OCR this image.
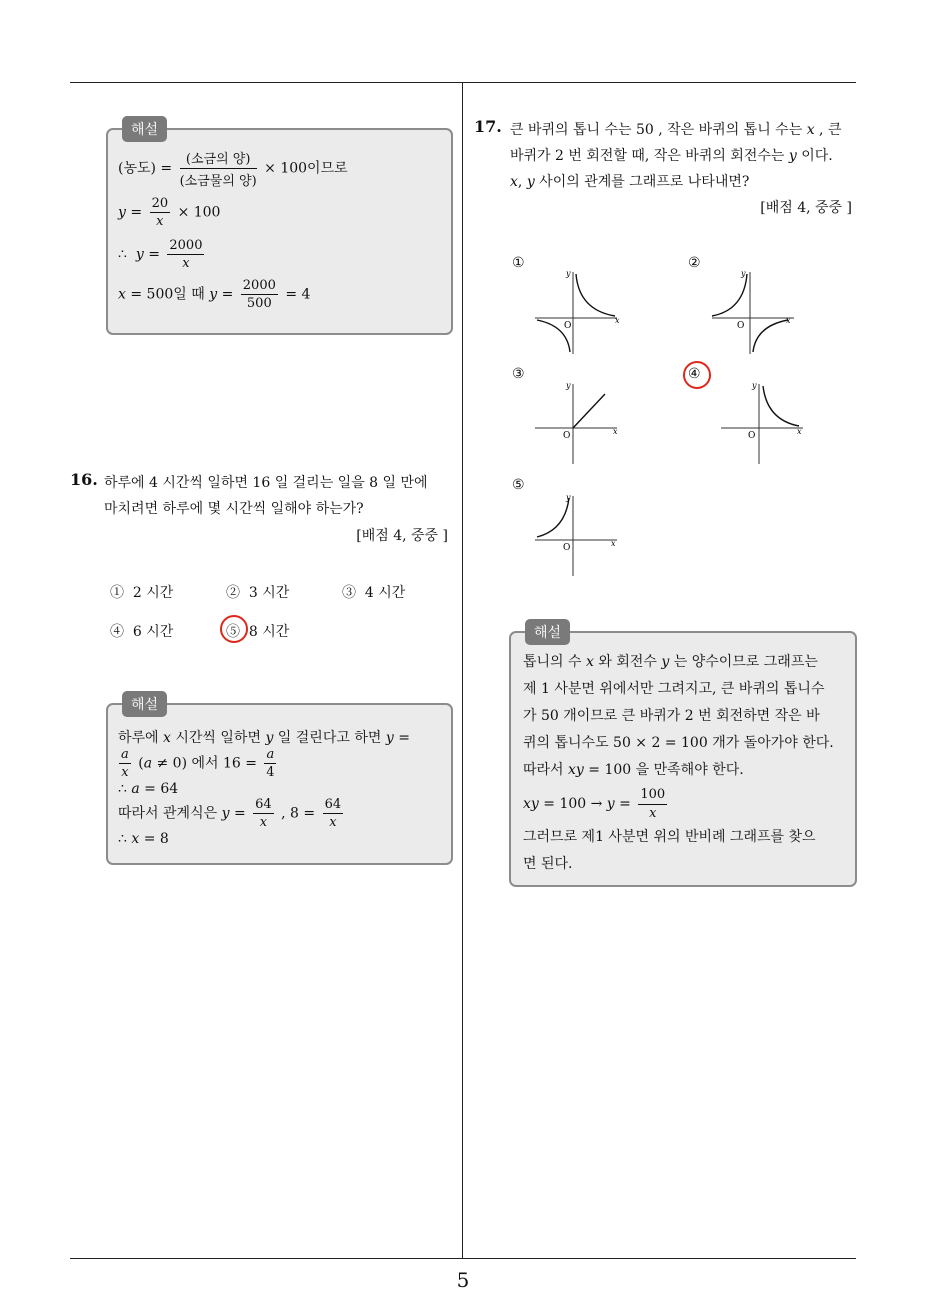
해설
(농도) = $\frac{\text{(소금의 양)}}{\text{(소금물의 양)}} \times 100$이므로
$y = \frac{20}{x} \times 100$
∴ $y = \frac{2000}{x}$
x = 500일 때 $y = \frac{2000}{500} = 4$
16. 하루에 4 시간씩 일하면 16 일 걸리는 일을 8 일 만에
마치려면 하루에 몇 시간씩 일해야 하는가?
[배점 4, 중중 ]
① 2 시간	② 3 시간	③ 4 시간
④ 6 시간	⑤ 8 시간
해설
하루에 x 시간씩 일하면 y 일 걸린다고 하면 y =
$\frac{a}{x} (a \ne 0)$ 에서 $16 = \frac{a}{4}$
∴ a = 64
따라서 관계식은 $y = \frac{64}{x}$ , $8 = \frac{64}{x}$
∴ x = 8
17. 큰 바퀴의 톱니 수는 50 , 작은 바퀴의 톱니 수는 x , 큰
바퀴가 2 번 회전할 때, 작은 바퀴의 회전수는 y 이다.
x, y 사이의 관계를 그래프로 나타내면?
[배점 4, 중중 ]
①	②
③	④
⑤
x
y
O
x
y
O
x
y
O	x
y
O
x
y
O
해설
톱니의 수 x 와 회전수 y 는 양수이므로 그래프는
제 1 사분면 위에서만 그려지고, 큰 바퀴의 톱니수
가 50 개이므로 큰 바퀴가 2 번 회전하면 작은 바
퀴의 톱니수도 50 × 2 = 100 개가 돌아가야 한다.
따라서 xy = 100 을 만족해야 한다.
xy = $100 \to y = \frac{100}{x}$
그러므로 제1 사분면 위의 반비례 그래프를 찾으
면 된다.
5
